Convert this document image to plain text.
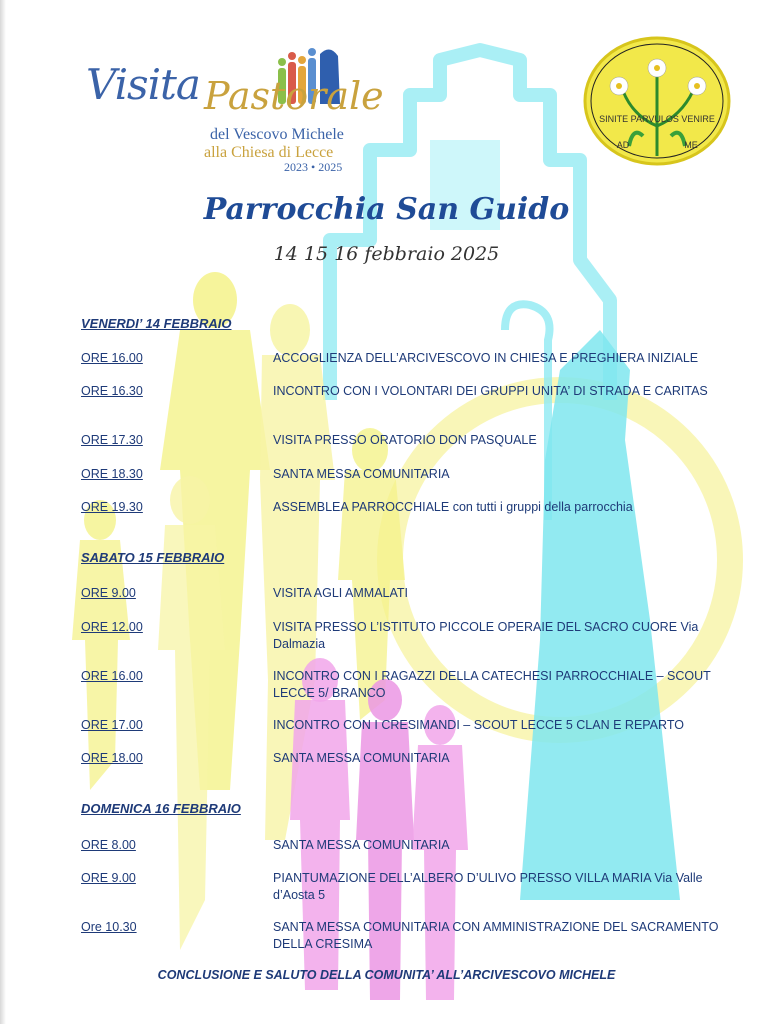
Visita Pastorale
del Vescovo Michele
alla Chiesa di Lecce
2023 • 2025
SINITE PARVULOS VENIRE
AD	ME
Parrocchia San Guido
14 15 16 febbraio 2025
VENERDI’ 14 FEBBRAIO
ORE 16.00	ACCOGLIENZA DELL’ARCIVESCOVO IN CHIESA E PREGHIERA INIZIALE
ORE 16.30	INCONTRO CON I VOLONTARI DEI GRUPPI UNITA’ DI STRADA E CARITAS
ORE 17.30	VISITA PRESSO ORATORIO DON PASQUALE
ORE 18.30	SANTA MESSA COMUNITARIA
ORE 19.30	ASSEMBLEA PARROCCHIALE con tutti i gruppi della parrocchia
SABATO 15 FEBBRAIO
ORE 9.00	VISITA AGLI AMMALATI
ORE 12.00	VISITA PRESSO L’ISTITUTO PICCOLE OPERAIE DEL SACRO CUORE Via Dalmazia
ORE 16.00	INCONTRO CON I RAGAZZI DELLA CATECHESI PARROCCHIALE – SCOUT LECCE 5/ BRANCO
ORE 17.00	INCONTRO CON I CRESIMANDI – SCOUT LECCE 5 CLAN E REPARTO
ORE 18.00	SANTA MESSA COMUNITARIA
DOMENICA 16 FEBBRAIO
ORE 8.00	SANTA MESSA COMUNITARIA
ORE 9.00	PIANTUMAZIONE DELL’ALBERO D’ULIVO PRESSO VILLA MARIA Via Valle d’Aosta 5
Ore 10.30	SANTA MESSA COMUNITARIA CON AMMINISTRAZIONE DEL SACRAMENTO DELLA CRESIMA
CONCLUSIONE E SALUTO DELLA COMUNITA’ ALL’ARCIVESCOVO MICHELE
